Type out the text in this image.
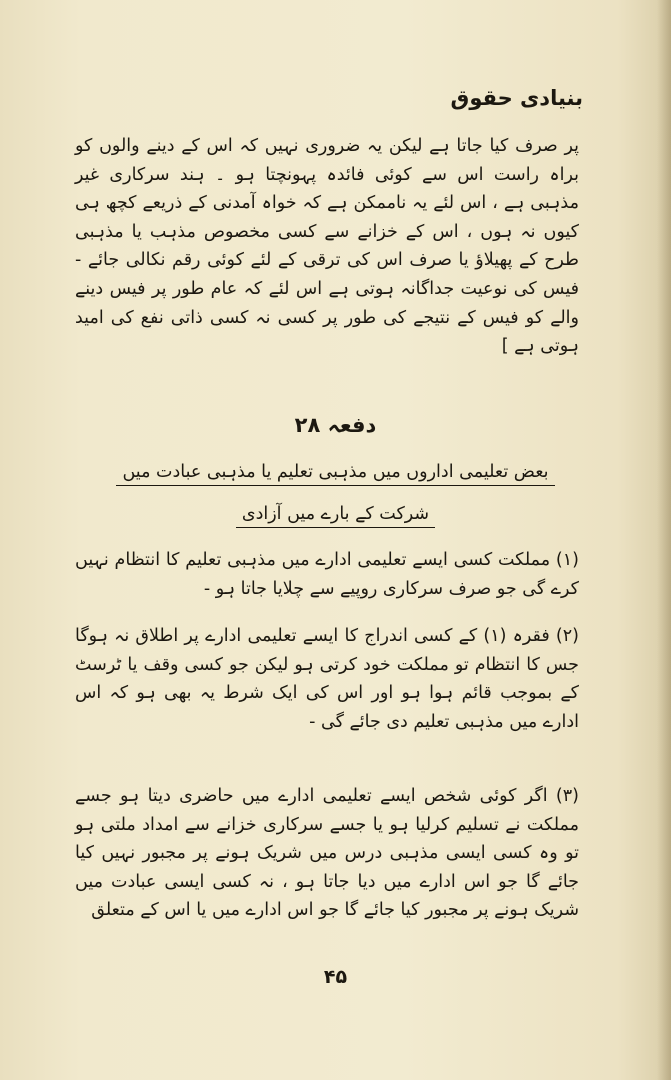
بنیادی حقوق
پر صرف کیا جاتا ہے لیکن یہ ضروری نہیں کہ اس کے دینے والوں کو براہ راست اس سے کوئی فائدہ پہونچتا ہو ۔ ہند سرکاری غیر مذہبی ہے ، اس لئے یہ ناممکن ہے کہ خواہ آمدنی کے ذریعے کچھ ہی کیوں نہ ہوں ، اس کے خزانے سے کسی مخصوص مذہب یا مذہبی طرح کے پھیلاؤ یا صرف اس کی ترقی کے لئے کوئی رقم نکالی جائے - فیس کی نوعیت جداگانہ ہوتی ہے اس لئے کہ عام طور پر فیس دینے والے کو فیس کے نتیجے کی طور پر کسی نہ کسی ذاتی نفع کی امید ہوتی ہے ]
دفعہ ۲۸
بعض تعلیمی اداروں میں مذہبی تعلیم یا مذہبی عبادت میں
شرکت کے بارے میں آزادی
(۱) مملکت کسی ایسے تعلیمی ادارے میں مذہبی تعلیم کا انتظام نہیں کرے گی جو صرف سرکاری روپیے سے چلایا جاتا ہو -
(۲) فقرہ (۱) کے کسی اندراج کا ایسے تعلیمی ادارے پر اطلاق نہ ہوگا جس کا انتظام تو مملکت خود کرتی ہو لیکن جو کسی وقف یا ٹرسٹ کے بموجب قائم ہوا ہو اور اس کی ایک شرط یہ بھی ہو کہ اس ادارے میں مذہبی تعلیم دی جائے گی -
(۳) اگر کوئی شخص ایسے تعلیمی ادارے میں حاضری دیتا ہو جسے مملکت نے تسلیم کرلیا ہو یا جسے سرکاری خزانے سے امداد ملتی ہو تو وہ کسی ایسی مذہبی درس میں شریک ہونے پر مجبور نہیں کیا جائے گا جو اس ادارے میں دیا جاتا ہو ، نہ کسی ایسی عبادت میں شریک ہونے پر مجبور کیا جائے گا جو اس ادارے میں یا اس کے متعلق
۴۵
